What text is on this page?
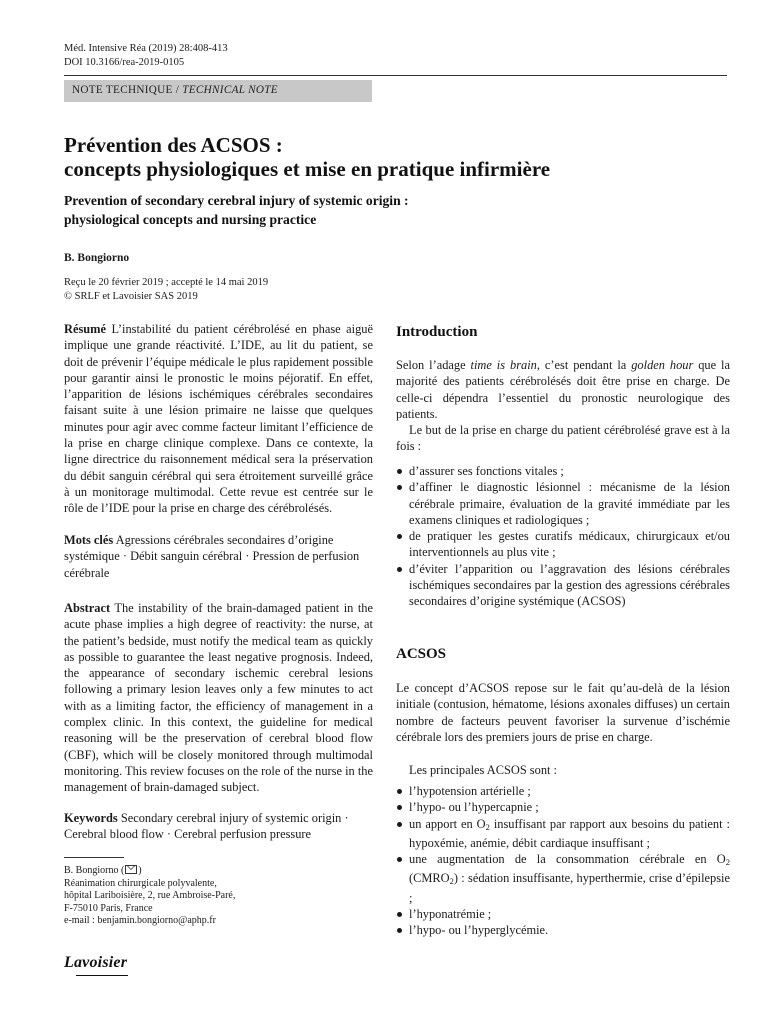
Méd. Intensive Réa (2019) 28:408-413
DOI 10.3166/rea-2019-0105
NOTE TECHNIQUE / TECHNICAL NOTE
Prévention des ACSOS :
concepts physiologiques et mise en pratique infirmière
Prevention of secondary cerebral injury of systemic origin :
physiological concepts and nursing practice
B. Bongiorno
Reçu le 20 février 2019 ; accepté le 14 mai 2019
© SRLF et Lavoisier SAS 2019
Résumé L’instabilité du patient cérébrolésé en phase aiguë implique une grande réactivité. L’IDE, au lit du patient, se doit de prévenir l’équipe médicale le plus rapidement possible pour garantir ainsi le pronostic le moins péjoratif. En effet, l’apparition de lésions ischémiques cérébrales secondaires faisant suite à une lésion primaire ne laisse que quelques minutes pour agir avec comme facteur limitant l’efficience de la prise en charge clinique complexe. Dans ce contexte, la ligne directrice du raisonnement médical sera la préservation du débit sanguin cérébral qui sera étroitement surveillé grâce à un monitorage multimodal. Cette revue est centrée sur le rôle de l’IDE pour la prise en charge des cérébrolésés.
Mots clés Agressions cérébrales secondaires d’origine systémique · Débit sanguin cérébral · Pression de perfusion cérébrale
Abstract The instability of the brain-damaged patient in the acute phase implies a high degree of reactivity: the nurse, at the patient’s bedside, must notify the medical team as quickly as possible to guarantee the least negative prognosis. Indeed, the appearance of secondary ischemic cerebral lesions following a primary lesion leaves only a few minutes to act with as a limiting factor, the efficiency of management in a complex clinic. In this context, the guideline for medical reasoning will be the preservation of cerebral blood flow (CBF), which will be closely monitored through multimodal monitoring. This review focuses on the role of the nurse in the management of brain-damaged subject.
Keywords Secondary cerebral injury of systemic origin · Cerebral blood flow · Cerebral perfusion pressure
B. Bongiorno ( )
Réanimation chirurgicale polyvalente,
hôpital Lariboisière, 2, rue Ambroise-Paré,
F-75010 Paris, France
e-mail : benjamin.bongiorno@aphp.fr
Lavoisier
Introduction
Selon l’adage time is brain, c’est pendant la golden hour que la majorité des patients cérébrolésés doit être prise en charge. De celle-ci dépendra l’essentiel du pronostic neurologique des patients.
Le but de la prise en charge du patient cérébrolésé grave est à la fois :
d’assurer ses fonctions vitales ;
d’affiner le diagnostic lésionnel : mécanisme de la lésion cérébrale primaire, évaluation de la gravité immédiate par les examens cliniques et radiologiques ;
de pratiquer les gestes curatifs médicaux, chirurgicaux et/ou interventionnels au plus vite ;
d’éviter l’apparition ou l’aggravation des lésions cérébrales ischémiques secondaires par la gestion des agressions cérébrales secondaires d’origine systémique (ACSOS)
ACSOS
Le concept d’ACSOS repose sur le fait qu’au-delà de la lésion initiale (contusion, hématome, lésions axonales diffuses) un certain nombre de facteurs peuvent favoriser la survenue d’ischémie cérébrale lors des premiers jours de prise en charge.
Les principales ACSOS sont :
l’hypotension artérielle ;
l’hypo- ou l’hypercapnie ;
un apport en $O_2$ insuffisant par rapport aux besoins du patient : hypoxémie, anémie, débit cardiaque insuffisant ;
une augmentation de la consommation cérébrale en $O_2$ $(CMRO_2)$ : sédation insuffisante, hyperthermie, crise d’épilepsie ;
l’hyponatrémie ;
l’hypo- ou l’hyperglycémie.
